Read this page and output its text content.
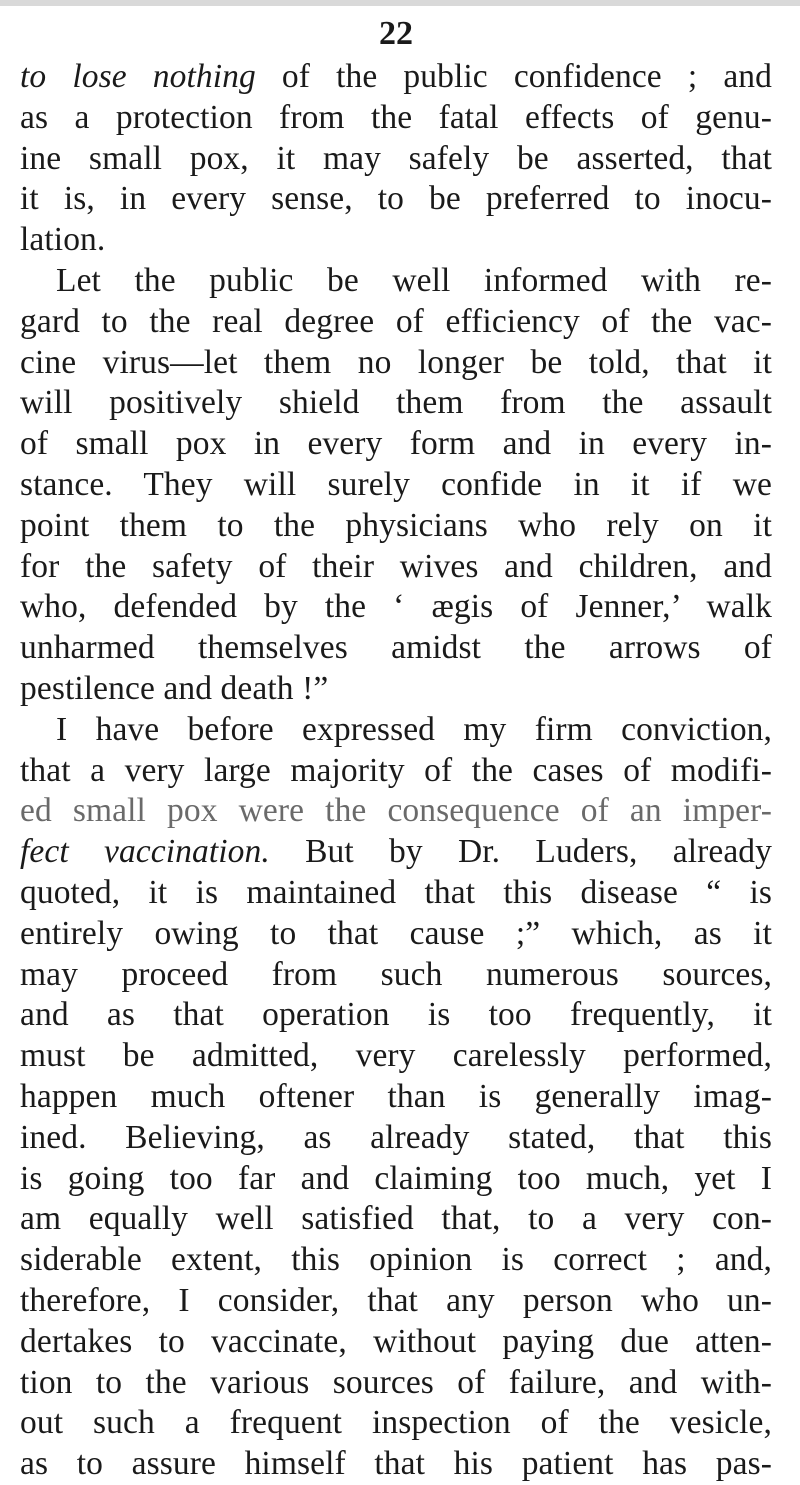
22
to lose nothing of the public confidence ; and
as a protection from the fatal effects of genu-
ine small pox, it may safely be asserted, that
it is, in every sense, to be preferred to inocu-
lation.
Let the public be well informed with re-
gard to the real degree of efficiency of the vac-
cine virus—let them no longer be told, that it
will positively shield them from the assault
of small pox in every form and in every in-
stance. They will surely confide in it if we
point them to the physicians who rely on it
for the safety of their wives and children, and
who, defended by the ‘ ægis of Jenner,’ walk
unharmed themselves amidst the arrows of
pestilence and death !”
I have before expressed my firm conviction,
that a very large majority of the cases of modifi-
ed small pox were the consequence of an imper-
fect vaccination. But by Dr. Luders, already
quoted, it is maintained that this disease “ is
entirely owing to that cause ;” which, as it
may proceed from such numerous sources,
and as that operation is too frequently, it
must be admitted, very carelessly performed,
happen much oftener than is generally imag-
ined. Believing, as already stated, that this
is going too far and claiming too much, yet I
am equally well satisfied that, to a very con-
siderable extent, this opinion is correct ; and,
therefore, I consider, that any person who un-
dertakes to vaccinate, without paying due atten-
tion to the various sources of failure, and with-
out such a frequent inspection of the vesicle,
as to assure himself that his patient has pas-
